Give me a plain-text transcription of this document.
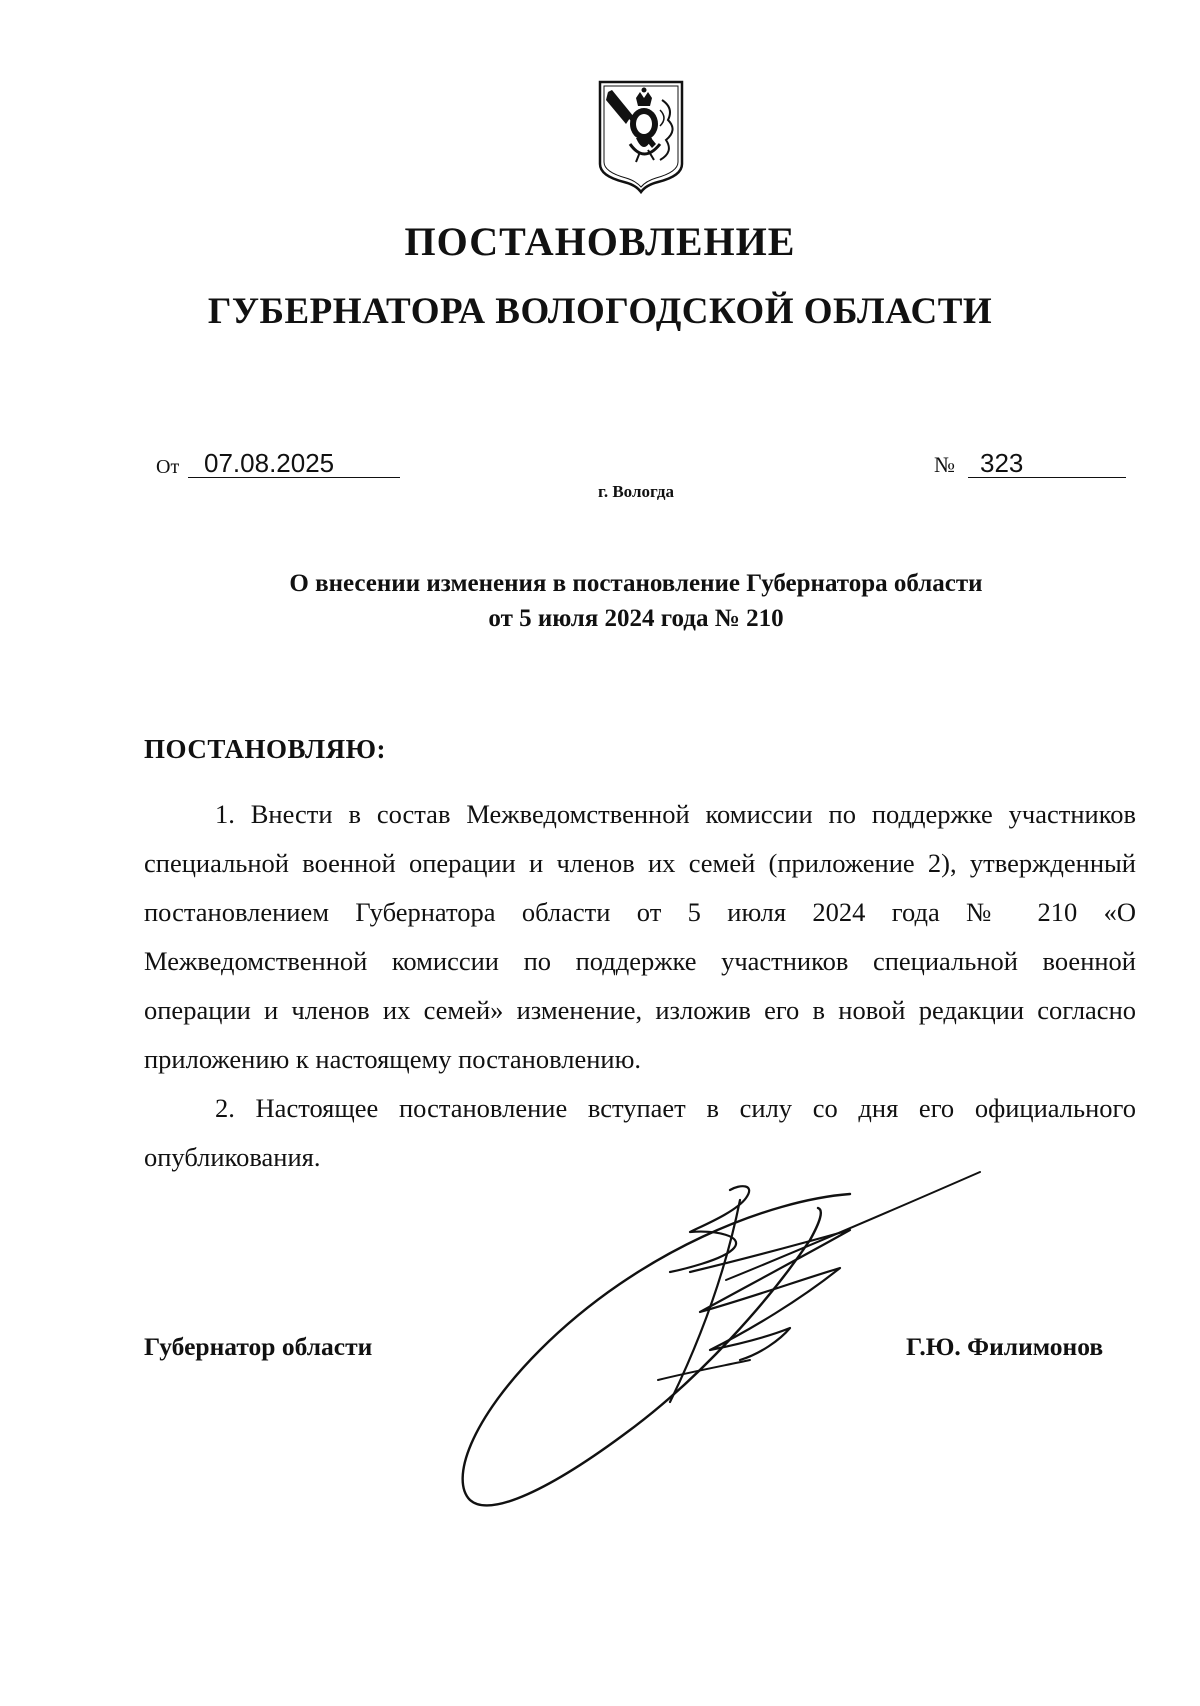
ПОСТАНОВЛЕНИЕ
ГУБЕРНАТОРА ВОЛОГОДСКОЙ ОБЛАСТИ
От 07.08.2025	№ 323
г. Вологда
О внесении изменения в постановление Губернатора области
от 5 июля 2024 года № 210
ПОСТАНОВЛЯЮ:

1. Внести в состав Межведомственной комиссии по поддержке участников специальной военной операции и членов их семей (приложение 2), утвержденный постановлением Губернатора области от 5 июля 2024 года № 210 «О Межведомственной комиссии по поддержке участников специальной военной операции и членов их семей» изменение, изложив его в новой редакции согласно приложению к настоящему постановлению.

2. Настоящее постановление вступает в силу со дня его официального опубликования.

Губернатор области	Г.Ю. Филимонов
